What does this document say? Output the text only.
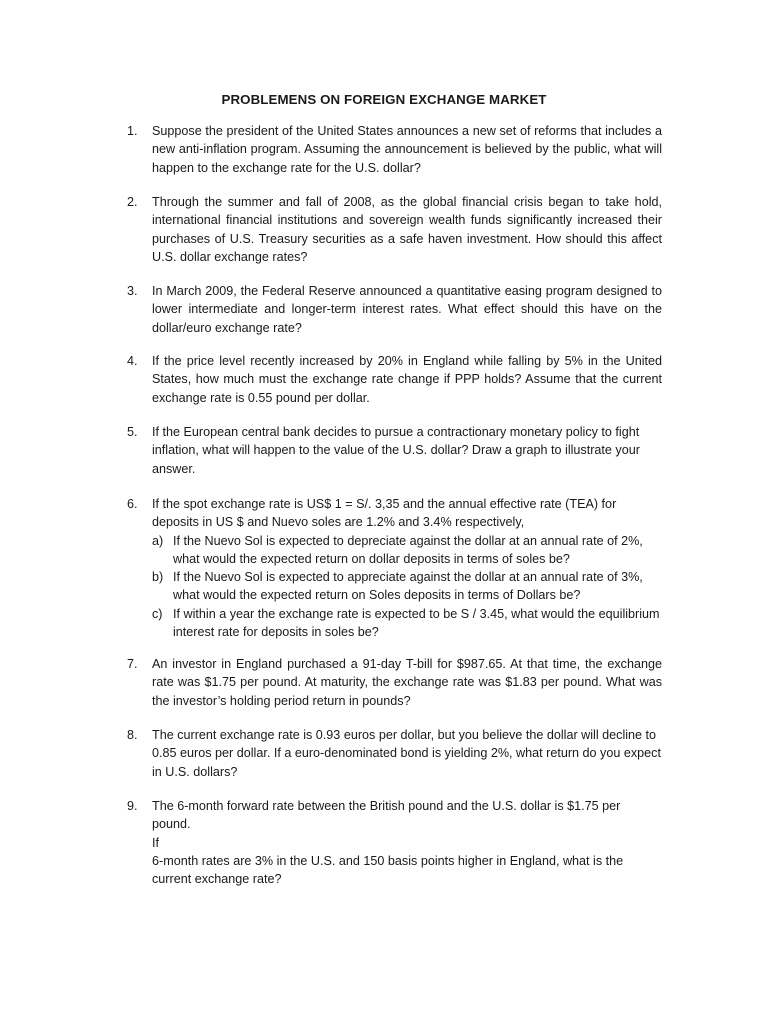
PROBLEMENS ON FOREIGN EXCHANGE MARKET
1. Suppose the president of the United States announces a new set of reforms that includes a new anti-inflation program. Assuming the announcement is believed by the public, what will happen to the exchange rate for the U.S. dollar?
2. Through the summer and fall of 2008, as the global financial crisis began to take hold, international financial institutions and sovereign wealth funds significantly increased their purchases of U.S. Treasury securities as a safe haven investment. How should this affect U.S. dollar exchange rates?
3. In March 2009, the Federal Reserve announced a quantitative easing program designed to lower intermediate and longer-term interest rates. What effect should this have on the dollar/euro exchange rate?
4. If the price level recently increased by 20% in England while falling by 5% in the United States, how much must the exchange rate change if PPP holds? Assume that the current exchange rate is 0.55 pound per dollar.
5. If the European central bank decides to pursue a contractionary monetary policy to fight inflation, what will happen to the value of the U.S. dollar? Draw a graph to illustrate your answer.
6. If the spot exchange rate is US$ 1 = S/. 3,35 and the annual effective rate (TEA) for deposits in US $ and Nuevo soles are 1.2% and 3.4% respectively,
a) If the Nuevo Sol is expected to depreciate against the dollar at an annual rate of 2%, what would the expected return on dollar deposits in terms of soles be?
b) If the Nuevo Sol is expected to appreciate against the dollar at an annual rate of 3%, what would the expected return on Soles deposits in terms of Dollars be?
c) If within a year the exchange rate is expected to be S / 3.45, what would the equilibrium interest rate for deposits in soles be?
7. An investor in England purchased a 91-day T-bill for $987.65. At that time, the exchange rate was $1.75 per pound. At maturity, the exchange rate was $1.83 per pound. What was the investor’s holding period return in pounds?
8. The current exchange rate is 0.93 euros per dollar, but you believe the dollar will decline to 0.85 euros per dollar. If a euro-denominated bond is yielding 2%, what return do you expect in U.S. dollars?
9. The 6-month forward rate between the British pound and the U.S. dollar is $1.75 per pound.
If
6-month rates are 3% in the U.S. and 150 basis points higher in England, what is the current exchange rate?
